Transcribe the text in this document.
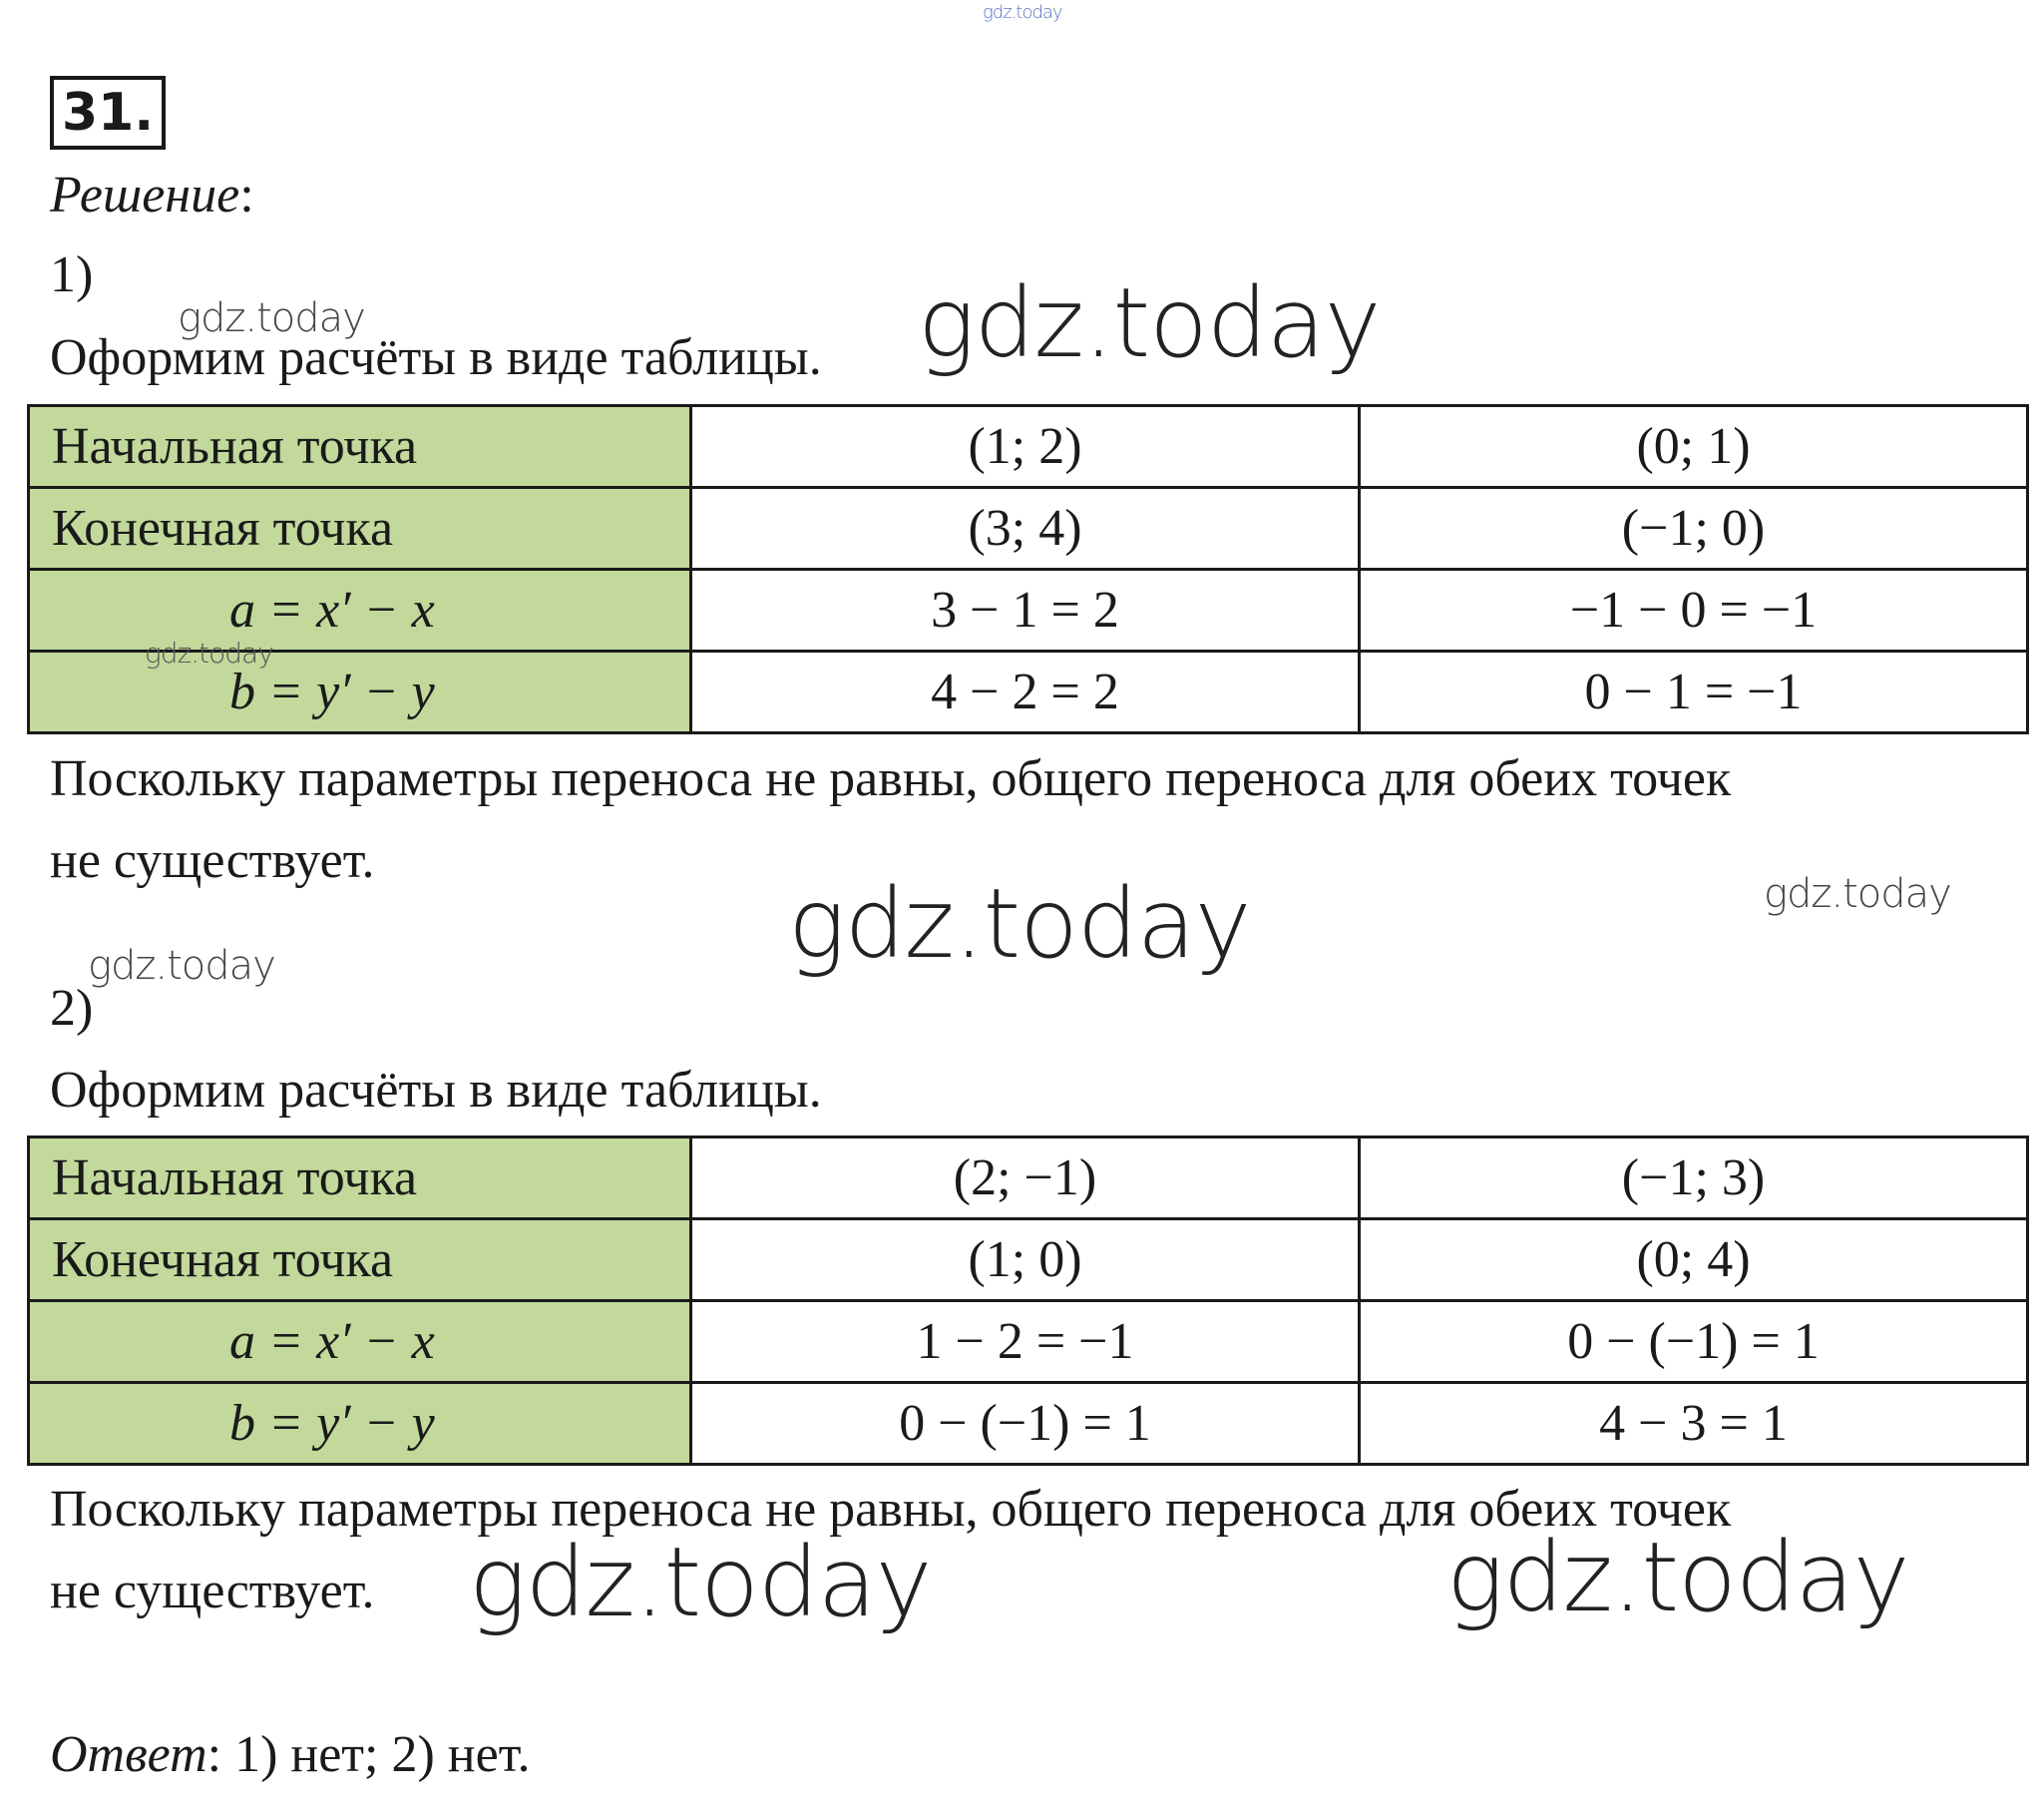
gdz.today
31.
Решение:
1)
Оформим расчёты в виде таблицы.
Начальная точка	(1; 2)	(0; 1)
Конечная точка	(3; 4)	(−1; 0)
a = x′ − x	3 − 1 = 2	−1 − 0 = −1
b = y′ − y	4 − 2 = 2	0 − 1 = −1
Поскольку параметры переноса не равны, общего переноса для обеих точек
не существует.
2)
Оформим расчёты в виде таблицы.
Начальная точка	(2; −1)	(−1; 3)
Конечная точка	(1; 0)	(0; 4)
a = x′ − x	1 − 2 = −1	0 − (−1) = 1
b = y′ − y	0 − (−1) = 1	4 − 3 = 1
Поскольку параметры переноса не равны, общего переноса для обеих точек
не существует.
Ответ: 1) нет; 2) нет.
gdz.today	gdz.today
gdz.today
gdz.today	gdz.today
gdz.today
gdz.today	gdz.today
